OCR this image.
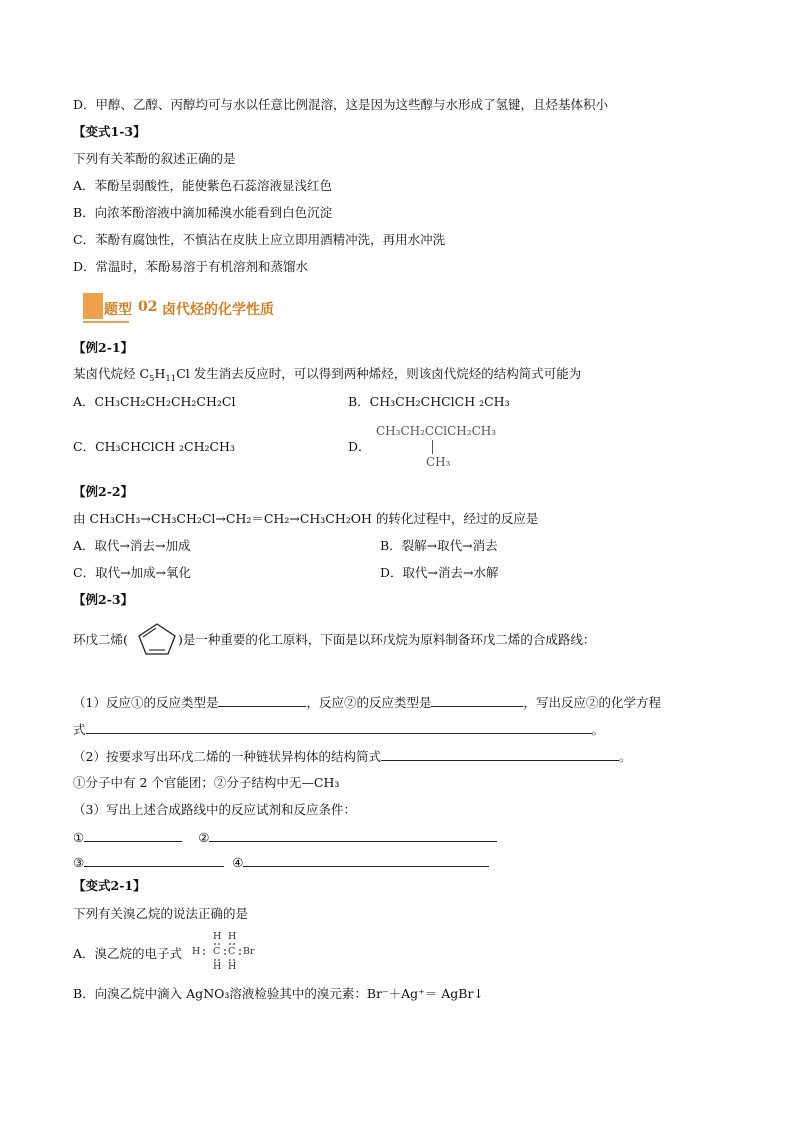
D．甲醇、乙醇、丙醇均可与水以任意比例混溶，这是因为这些醇与水形成了氢键，且烃基体积小
【变式1-3】
下列有关苯酚的叙述正确的是
A．苯酚呈弱酸性，能使紫色石蕊溶液显浅红色
B．向浓苯酚溶液中滴加稀溴水能看到白色沉淀
C．苯酚有腐蚀性，不慎沾在皮肤上应立即用酒精冲洗，再用水冲洗
D．常温时，苯酚易溶于有机溶剂和蒸馏水
题型 02 卤代烃的化学性质
【例2-1】
某卤代烷烃 $C_5H_{11}Cl$ 发生消去反应时，可以得到两种烯烃，则该卤代烷烃的结构简式可能为
A．CH₃CH₂CH₂CH₂CH₂Cl	B．CH₃CH₂CHClCH ₂CH₃
C．CH₃CHClCH ₂CH₂CH₃	D．
CH₃CH₂CClCH₂CH₃
CH₃
【例2-2】
由 CH₃CH₃→CH₃CH₂Cl→CH₂＝CH₂→CH₃CH₂OH 的转化过程中，经过的反应是
A．取代→消去→加成	B．裂解→取代→消去
C．取代→加成→氧化	D．取代→消去→水解
【例2-3】
环戊二烯(	)是一种重要的化工原料，下面是以环戊烷为原料制备环戊二烯的合成路线：
（1）反应①的反应类型是	，反应②的反应类型是	，写出反应②的化学方程
式	。
（2）按要求写出环戊二烯的一种链状异构体的结构简式	。
①分子中有 2 个官能团；②分子结构中无—CH₃
（3）写出上述合成路线中的反应试剂和反应条件：
①	②
③	④
【变式2-1】
下列有关溴乙烷的说法正确的是
A．溴乙烷的电子式
H H
H C C Br
H H
B．向溴乙烷中滴入 AgNO₃溶液检验其中的溴元素：Br⁻＋Ag⁺＝ AgBr↓
